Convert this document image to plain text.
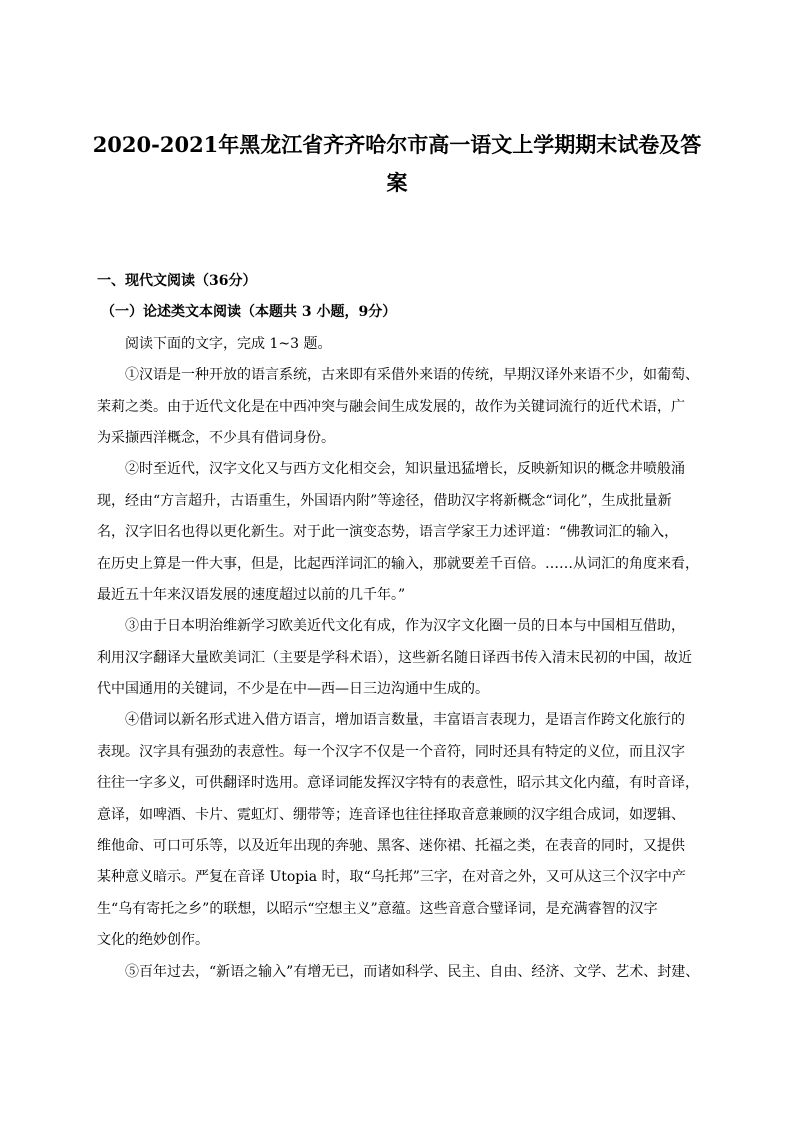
2020-2021年黑龙江省齐齐哈尔市高一语文上学期期末试卷及答
案
一、现代文阅读（36分）
（一）论述类文本阅读（本题共 3 小题，9分）
阅读下面的文字，完成 1~3 题。
①汉语是一种开放的语言系统，古来即有采借外来语的传统，早期汉译外来语不少，如葡萄、
茉莉之类。由于近代文化是在中西冲突与融会间生成发展的，故作为关键词流行的近代术语，广
为采撷西洋概念，不少具有借词身份。
②时至近代，汉字文化又与西方文化相交会，知识量迅猛增长，反映新知识的概念井喷般涌
现，经由“方言超升，古语重生，外国语内附”等途径，借助汉字将新概念“词化”，生成批量新
名，汉字旧名也得以更化新生。对于此一演变态势，语言学家王力述评道：“佛教词汇的输入，
在历史上算是一件大事，但是，比起西洋词汇的输入，那就要差千百倍。……从词汇的角度来看，
最近五十年来汉语发展的速度超过以前的几千年。”
③由于日本明治维新学习欧美近代文化有成，作为汉字文化圈一员的日本与中国相互借助，
利用汉字翻译大量欧美词汇（主要是学科术语），这些新名随日译西书传入清末民初的中国，故近
代中国通用的关键词，不少是在中—西—日三边沟通中生成的。
④借词以新名形式进入借方语言，增加语言数量，丰富语言表现力，是语言作跨文化旅行的
表现。汉字具有强劲的表意性。每一个汉字不仅是一个音符，同时还具有特定的义位，而且汉字
往往一字多义，可供翻译时选用。意译词能发挥汉字特有的表意性，昭示其文化内蕴，有时音译，
意译，如啤酒、卡片、霓虹灯、绷带等；连音译也往往择取音意兼顾的汉字组合成词，如逻辑、
维他命、可口可乐等，以及近年出现的奔驰、黑客、迷你裙、托福之类，在表音的同时，又提供
某种意义暗示。严复在音译 Utopia 时，取“乌托邦”三字，在对音之外，又可从这三个汉字中产
生“乌有寄托之乡”的联想，以昭示“空想主义”意蕴。这些音意合璧译词，是充满睿智的汉字
文化的绝妙创作。
⑤百年过去，“新语之输入”有增无已，而诸如科学、民主、自由、经济、文学、艺术、封建、
